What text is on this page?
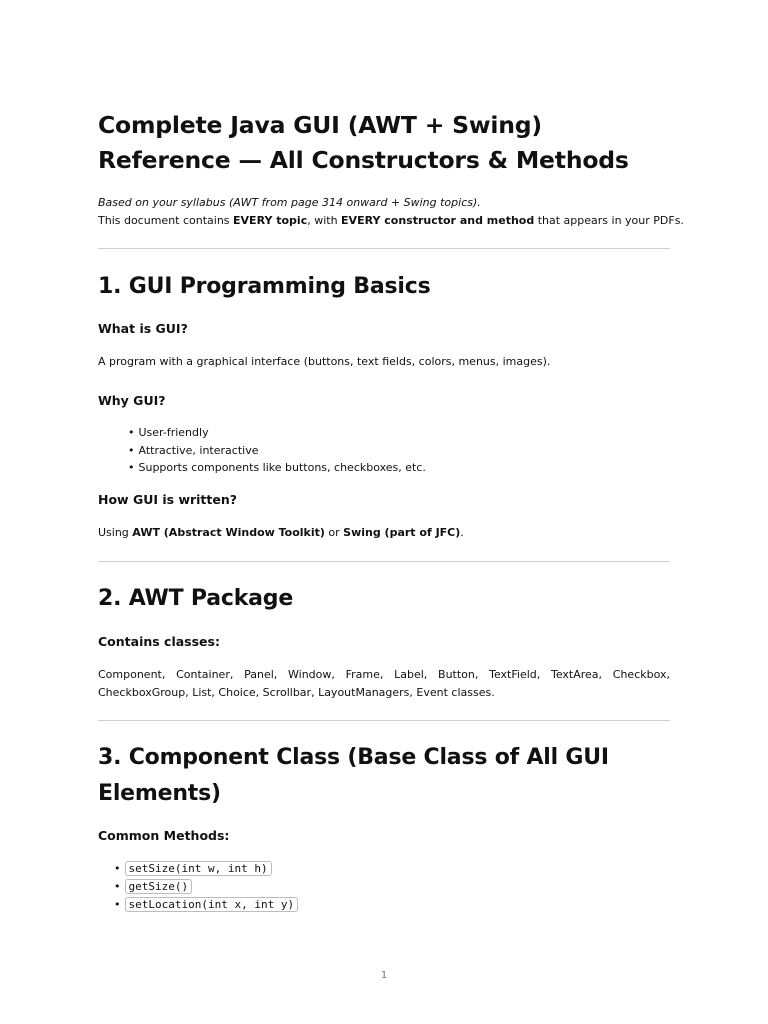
Complete Java GUI (AWT + Swing) Reference — All Constructors & Methods
Based on your syllabus (AWT from page 314 onward + Swing topics).
This document contains EVERY topic, with EVERY constructor and method that appears in your PDFs.
1. GUI Programming Basics
What is GUI?

A program with a graphical interface (buttons, text fields, colors, menus, images).

Why GUI?
• User-friendly
• Attractive, interactive
• Supports components like buttons, checkboxes, etc.
How GUI is written?

Using AWT (Abstract Window Toolkit) or Swing (part of JFC).

2. AWT Package
Contains classes:

Component, Container, Panel, Window, Frame, Label, Button, TextField, TextArea, Checkbox, CheckboxGroup, List, Choice, Scrollbar, LayoutManagers, Event classes.

3. Component Class (Base Class of All GUI Elements)
Common Methods:
• setSize(int w, int h)
• getSize()
• setLocation(int x, int y)
1
